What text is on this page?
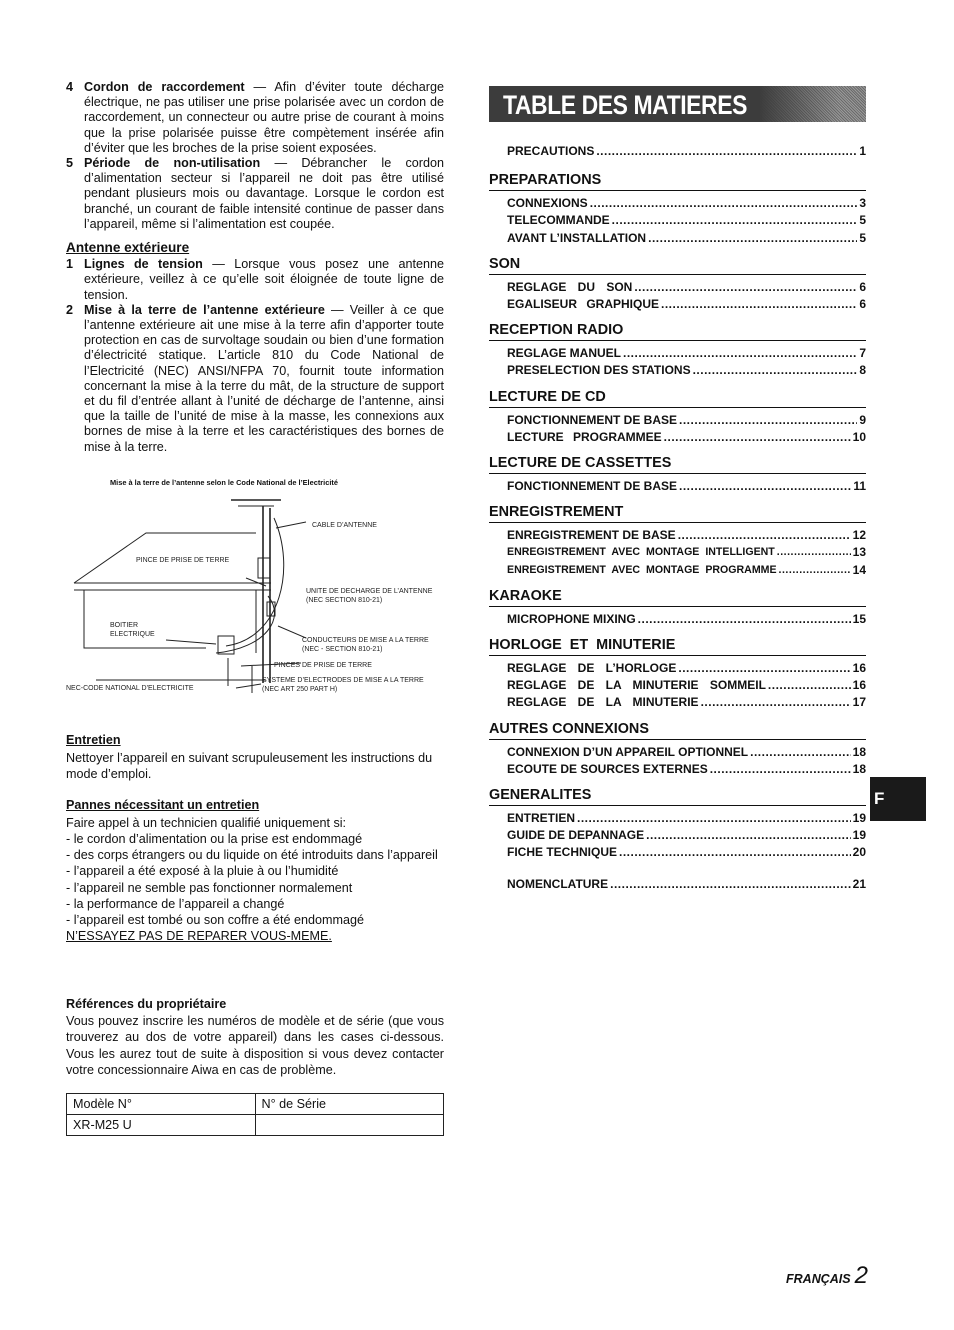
4 Cordon de raccordement — Afin d’éviter toute décharge électrique, ne pas utiliser une prise polarisée avec un cordon de raccordement, un connecteur ou autre prise de courant à moins que la prise polarisée puisse être compètement insérée afin d’éviter que les broches de la prise soient exposées.

5 Période de non-utilisation — Débrancher le cordon d’alimentation secteur si l’appareil ne doit pas être utilisé pendant plusieurs mois ou davantage. Lorsque le cordon est branché, un courant de faible intensité continue de passer dans l’appareil, même si l’alimentation est coupée.

Antenne extérieure

1 Lignes de tension — Lorsque vous posez une antenne extérieure, veillez à ce qu’elle soit éloignée de toute ligne de tension.

2 Mise à la terre de l’antenne extérieure — Veiller à ce que l’antenne extérieure ait une mise à la terre afin d’apporter toute protection en cas de survoltage soudain ou bien d’une formation d’électricité statique. L’article 810 du Code National de l’Electricité (NEC) ANSI/NFPA 70, fournit toute information concernant la mise à la terre du mât, de la structure de support et du fil d’entrée allant à l’unité de décharge de l’antenne, ainsi que la taille de l’unité de mise à la masse, les connexions aux bornes de mise à la terre et les caractéristiques des bornes de mise à la terre.

Mise à la terre de l’antenne selon le Code National de l’Electricité
CABLE D’ANTENNE
PINCE DE PRISE DE TERRE
UNITE DE DECHARGE DE L’ANTENNE
(NEC SECTION 810-21)
BOITIER
ELECTRIQUE
CONDUCTEURS DE MISE A LA TERRE
(NEC - SECTION 810-21)
PINCES DE PRISE DE TERRE
SYSTEME D’ELECTRODES DE MISE A LA TERRE
(NEC ART 250 PART H)
NEC-CODE NATIONAL D’ELECTRICITE
Entretien

Nettoyer l’appareil en suivant scrupuleusement les instructions du mode d’emploi.

Pannes nécessitant un entretien

Faire appel à un technicien qualifié uniquement si:

- le cordon d’alimentation ou la prise est endommagé

- des corps étrangers ou du liquide on été introduits dans l’appareil

- l’appareil a été exposé à la pluie à ou l’humidité

- l’appareil ne semble pas fonctionner normalement

- la performance de l’appareil a changé

- l’appareil est tombé ou son coffre a été endommagé

N’ESSAYEZ PAS DE REPARER VOUS-MEME.

Références du propriétaire

Vous pouvez inscrire les numéros de modèle et de série (que vous trouverez au dos de votre appareil) dans les cases ci-dessous. Vous les aurez tout de suite à disposition si vous devez contacter votre concessionnaire Aiwa en cas de problème.

Modèle N°	N° de Série
XR-M25 U	
TABLE DES MATIERES
PRECAUTIONS .....	1
PREPARATIONS
CONNEXIONS .....	3
TELECOMMANDE .....	5
AVANT L’INSTALLATION .....	5
SON
REGLAGE DU SON .....	6
EGALISEUR GRAPHIQUE .....	6
RECEPTION RADIO
REGLAGE MANUEL .....	7
PRESELECTION DES STATIONS .....	8
LECTURE DE CD
FONCTIONNEMENT DE BASE .....	9
LECTURE PROGRAMMEE .....	10
LECTURE DE CASSETTES
FONCTIONNEMENT DE BASE .....	11
ENREGISTREMENT
ENREGISTREMENT DE BASE .....	12
ENREGISTREMENT AVEC MONTAGE INTELLIGENT .....	13
ENREGISTREMENT AVEC MONTAGE PROGRAMME .....	14
KARAOKE
MICROPHONE MIXING .....	15
HORLOGE ET MINUTERIE
REGLAGE DE L’HORLOGE .....	16
REGLAGE DE LA MINUTERIE SOMMEIL .....	16
REGLAGE DE LA MINUTERIE .....	17
AUTRES CONNEXIONS
CONNEXION D’UN APPAREIL OPTIONNEL .....	18
ECOUTE DE SOURCES EXTERNES .....	18
GENERALITES
ENTRETIEN .....	19
GUIDE DE DEPANNAGE .....	19
FICHE TECHNIQUE .....	20
NOMENCLATURE .....	21
F
FRANÇAIS 2
